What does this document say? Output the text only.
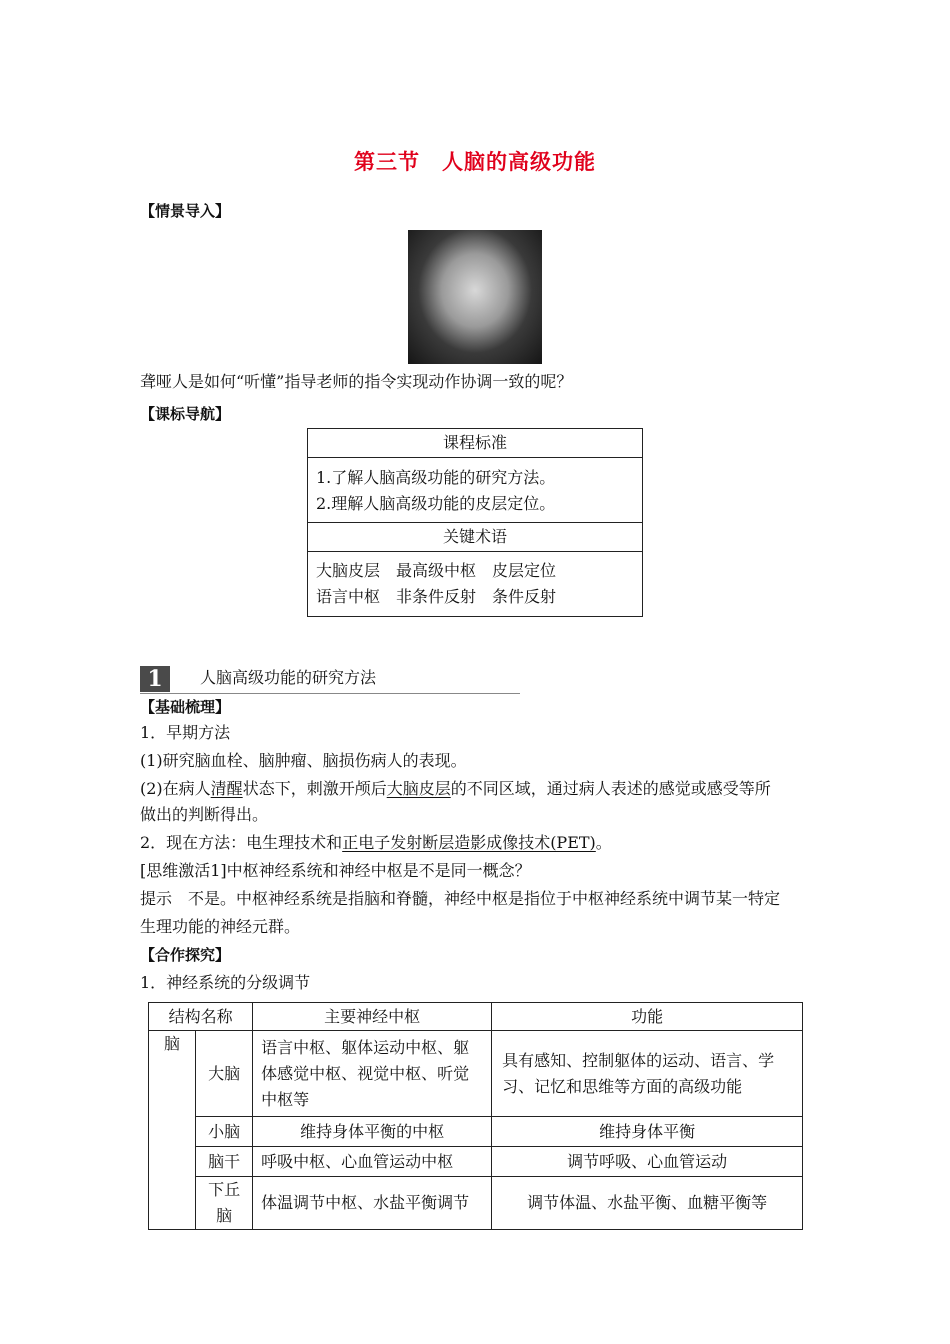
第三节　人脑的高级功能
【情景导入】
聋哑人是如何“听懂”指导老师的指令实现动作协调一致的呢？
【课标导航】
课程标准

1.了解人脑高级功能的研究方法。
2.理解人脑高级功能的皮层定位。

关键术语

大脑皮层　最高级中枢　皮层定位
语言中枢　非条件反射　条件反射
1	人脑高级功能的研究方法
【基础梳理】
1．早期方法
(1)研究脑血栓、脑肿瘤、脑损伤病人的表现。
(2)在病人清醒状态下，刺激开颅后大脑皮层的不同区域，通过病人表述的感觉或感受等所
做出的判断得出。
2．现在方法：电生理技术和正电子发射断层造影成像技术(PET)。
[思维激活1]中枢神经系统和神经中枢是不是同一概念？
提示　不是。中枢神经系统是指脑和脊髓，神经中枢是指位于中枢神经系统中调节某一特定
生理功能的神经元群。
【合作探究】
1．神经系统的分级调节
结构名称		主要神经中枢	功能
脑	大脑	语言中枢、躯体运动中枢、躯体感觉中枢、视觉中枢、听觉中枢等	具有感知、控制躯体的运动、语言、学习、记忆和思维等方面的高级功能
	小脑	维持身体平衡的中枢	维持身体平衡
	脑干	呼吸中枢、心血管运动中枢	调节呼吸、心血管运动
	下丘脑	体温调节中枢、水盐平衡调节	调节体温、水盐平衡、血糖平衡等
